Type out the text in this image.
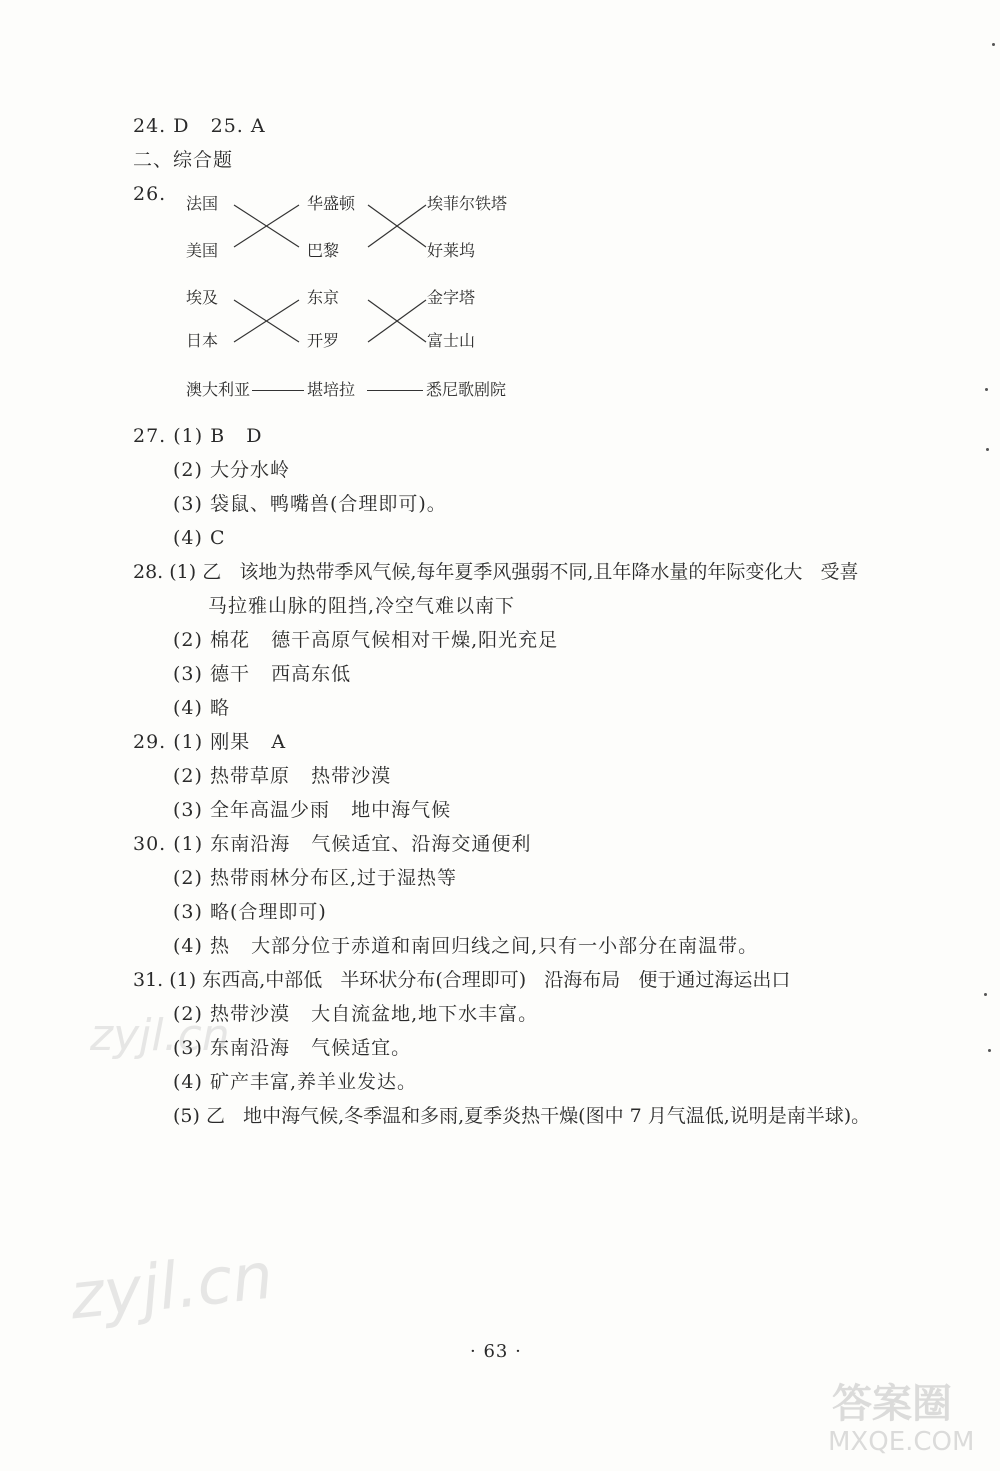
24. D   25. A
二、综合题
26. 法国
美国
华盛顿
巴黎
埃菲尔铁塔
好莱坞
埃及
日本
东京
开罗
金字塔
富士山
澳大利亚	堪培拉	悉尼歌剧院
27. (1) B   D
(2) 大分水岭
(3) 袋鼠、鸭嘴兽(合理即可)。
(4) C
28. (1) 乙   该地为热带季风气候,每年夏季风强弱不同,且年降水量的年际变化大   受喜
马拉雅山脉的阻挡,冷空气难以南下
(2) 棉花   德干高原气候相对干燥,阳光充足
(3) 德干   西高东低
(4) 略
29. (1) 刚果   A
(2) 热带草原   热带沙漠
(3) 全年高温少雨   地中海气候
30. (1) 东南沿海   气候适宜、沿海交通便利
(2) 热带雨林分布区,过于湿热等
(3) 略(合理即可)
(4) 热   大部分位于赤道和南回归线之间,只有一小部分在南温带。
31. (1) 东西高,中部低   半环状分布(合理即可)   沿海布局   便于通过海运出口
(2) 热带沙漠   大自流盆地,地下水丰富。
(3) 东南沿海   气候适宜。
(4) 矿产丰富,养羊业发达。
(5) 乙   地中海气候,冬季温和多雨,夏季炎热干燥(图中 7 月气温低,说明是南半球)。
· 63 ·
zyjl.cn
zyjl.cn
答案圈
MXQE.COM
